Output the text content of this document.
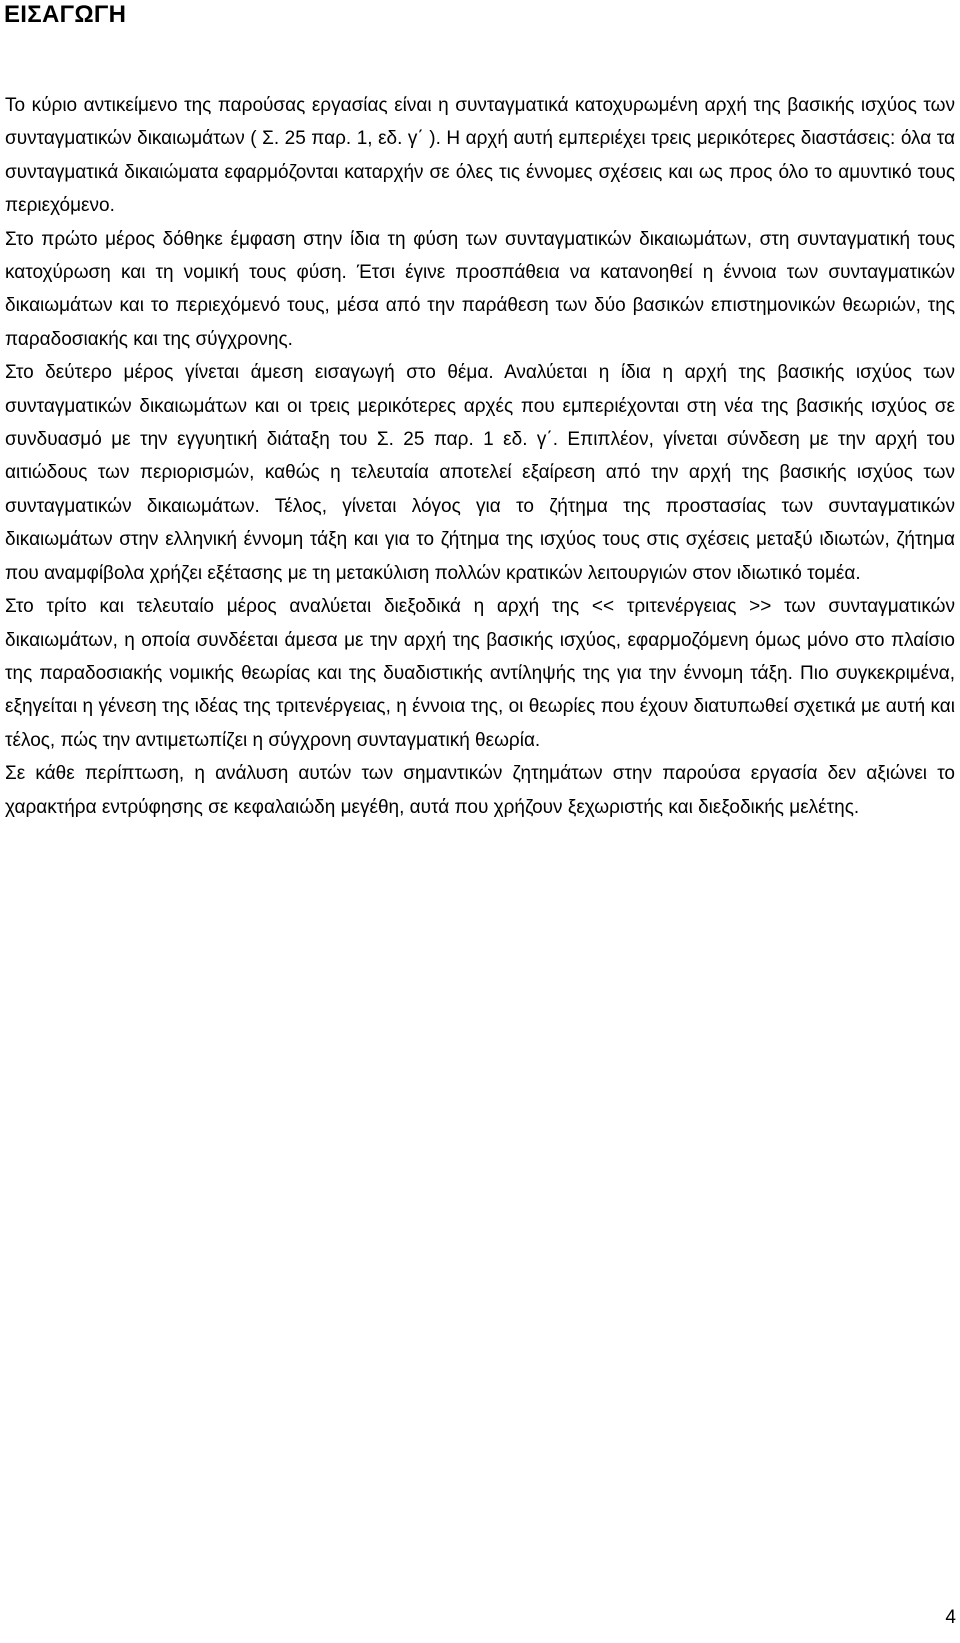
ΕΙΣΑΓΩΓΗ

Το κύριο αντικείμενο της παρούσας εργασίας είναι η συνταγματικά κατοχυρωμένη αρχή της βασικής ισχύος των συνταγματικών δικαιωμάτων ( Σ. 25 παρ. 1, εδ. γ΄ ). Η αρχή αυτή εμπεριέχει τρεις μερικότερες διαστάσεις: όλα τα συνταγματικά δικαιώματα εφαρμόζονται καταρχήν σε όλες τις έννομες σχέσεις και ως προς όλο το αμυντικό τους περιεχόμενο.

Στο πρώτο μέρος δόθηκε έμφαση στην ίδια τη φύση των συνταγματικών δικαιωμάτων, στη συνταγματική τους κατοχύρωση και τη νομική τους φύση. Έτσι έγινε προσπάθεια να κατανοηθεί η έννοια των συνταγματικών δικαιωμάτων και το περιεχόμενό τους, μέσα από την παράθεση των δύο βασικών επιστημονικών θεωριών, της παραδοσιακής και της σύγχρονης.

Στο δεύτερο μέρος γίνεται άμεση εισαγωγή στο θέμα. Αναλύεται η ίδια η αρχή της βασικής ισχύος των συνταγματικών δικαιωμάτων και οι τρεις μερικότερες αρχές που εμπεριέχονται στη νέα της βασικής ισχύος σε συνδυασμό με την εγγυητική διάταξη του Σ. 25 παρ. 1 εδ. γ΄. Επιπλέον, γίνεται σύνδεση με την αρχή του αιτιώδους των περιορισμών, καθώς η τελευταία αποτελεί εξαίρεση από την αρχή της βασικής ισχύος των συνταγματικών δικαιωμάτων. Τέλος, γίνεται λόγος για το ζήτημα της προστασίας των συνταγματικών δικαιωμάτων στην ελληνική έννομη τάξη και για το ζήτημα της ισχύος τους στις σχέσεις μεταξύ ιδιωτών, ζήτημα που αναμφίβολα χρήζει εξέτασης με τη μετακύλιση πολλών κρατικών λειτουργιών στον ιδιωτικό τομέα.

Στο τρίτο και τελευταίο μέρος αναλύεται διεξοδικά η αρχή της << τριτενέργειας >> των συνταγματικών δικαιωμάτων, η οποία συνδέεται άμεσα με την αρχή της βασικής ισχύος, εφαρμοζόμενη όμως μόνο στο πλαίσιο της παραδοσιακής νομικής θεωρίας και της δυαδιστικής αντίληψής της για την έννομη τάξη. Πιο συγκεκριμένα, εξηγείται η γένεση της ιδέας της τριτενέργειας, η έννοια της, οι θεωρίες που έχουν διατυπωθεί σχετικά με αυτή και τέλος, πώς την αντιμετωπίζει η σύγχρονη συνταγματική θεωρία.

Σε κάθε περίπτωση, η ανάλυση αυτών των σημαντικών ζητημάτων στην παρούσα εργασία δεν αξιώνει το χαρακτήρα εντρύφησης σε κεφαλαιώδη μεγέθη, αυτά που χρήζουν ξεχωριστής και διεξοδικής μελέτης.

4
